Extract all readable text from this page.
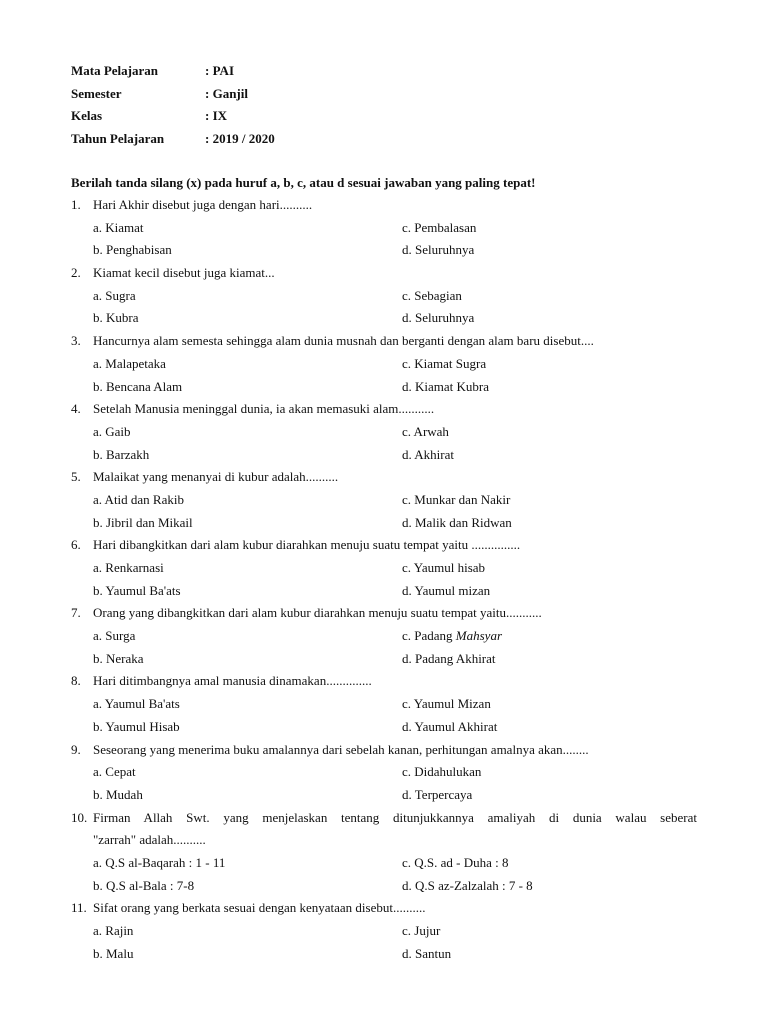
Mata Pelajaran	: PAI
Semester	: Ganjil
Kelas	: IX
Tahun Pelajaran	: 2019 / 2020
Berilah tanda silang (x) pada huruf a, b, c, atau d sesuai jawaban yang paling tepat!
1. Hari Akhir disebut juga dengan hari..........
a. Kiamat	c. Pembalasan
b. Penghabisan	d. Seluruhnya
2. Kiamat kecil disebut juga kiamat...
a. Sugra	c. Sebagian
b. Kubra	d. Seluruhnya
3. Hancurnya alam semesta sehingga alam dunia musnah dan berganti dengan alam baru disebut....
a. Malapetaka	c. Kiamat Sugra
b. Bencana Alam	d. Kiamat Kubra
4. Setelah Manusia meninggal dunia, ia akan memasuki alam...........
a. Gaib	c. Arwah
b. Barzakh	d. Akhirat
5. Malaikat yang menanyai di kubur adalah..........
a. Atid dan Rakib	c. Munkar dan Nakir
b. Jibril dan Mikail	d. Malik dan Ridwan
6. Hari dibangkitkan dari alam kubur diarahkan menuju suatu tempat yaitu ...............
a. Renkarnasi	c. Yaumul hisab
b. Yaumul Ba'ats	d. Yaumul mizan
7. Orang yang dibangkitkan dari alam kubur diarahkan menuju suatu tempat yaitu...........
a. Surga	c. Padang Mahsyar
b. Neraka	d. Padang Akhirat
8. Hari ditimbangnya amal manusia dinamakan..............
a. Yaumul Ba'ats	c. Yaumul Mizan
b. Yaumul Hisab	d. Yaumul Akhirat
9. Seseorang yang menerima buku amalannya dari sebelah kanan, perhitungan amalnya akan........
a. Cepat	c. Didahulukan
b. Mudah	d. Terpercaya
10. Firman Allah Swt. yang menjelaskan tentang ditunjukkannya amaliyah di dunia walau seberat
"zarrah" adalah..........
a. Q.S al-Baqarah : 1 - 11	c. Q.S. ad - Duha : 8
b. Q.S al-Bala : 7-8	d. Q.S az-Zalzalah : 7 - 8
11. Sifat orang yang berkata sesuai dengan kenyataan disebut..........
a. Rajin	c. Jujur
b. Malu	d. Santun
